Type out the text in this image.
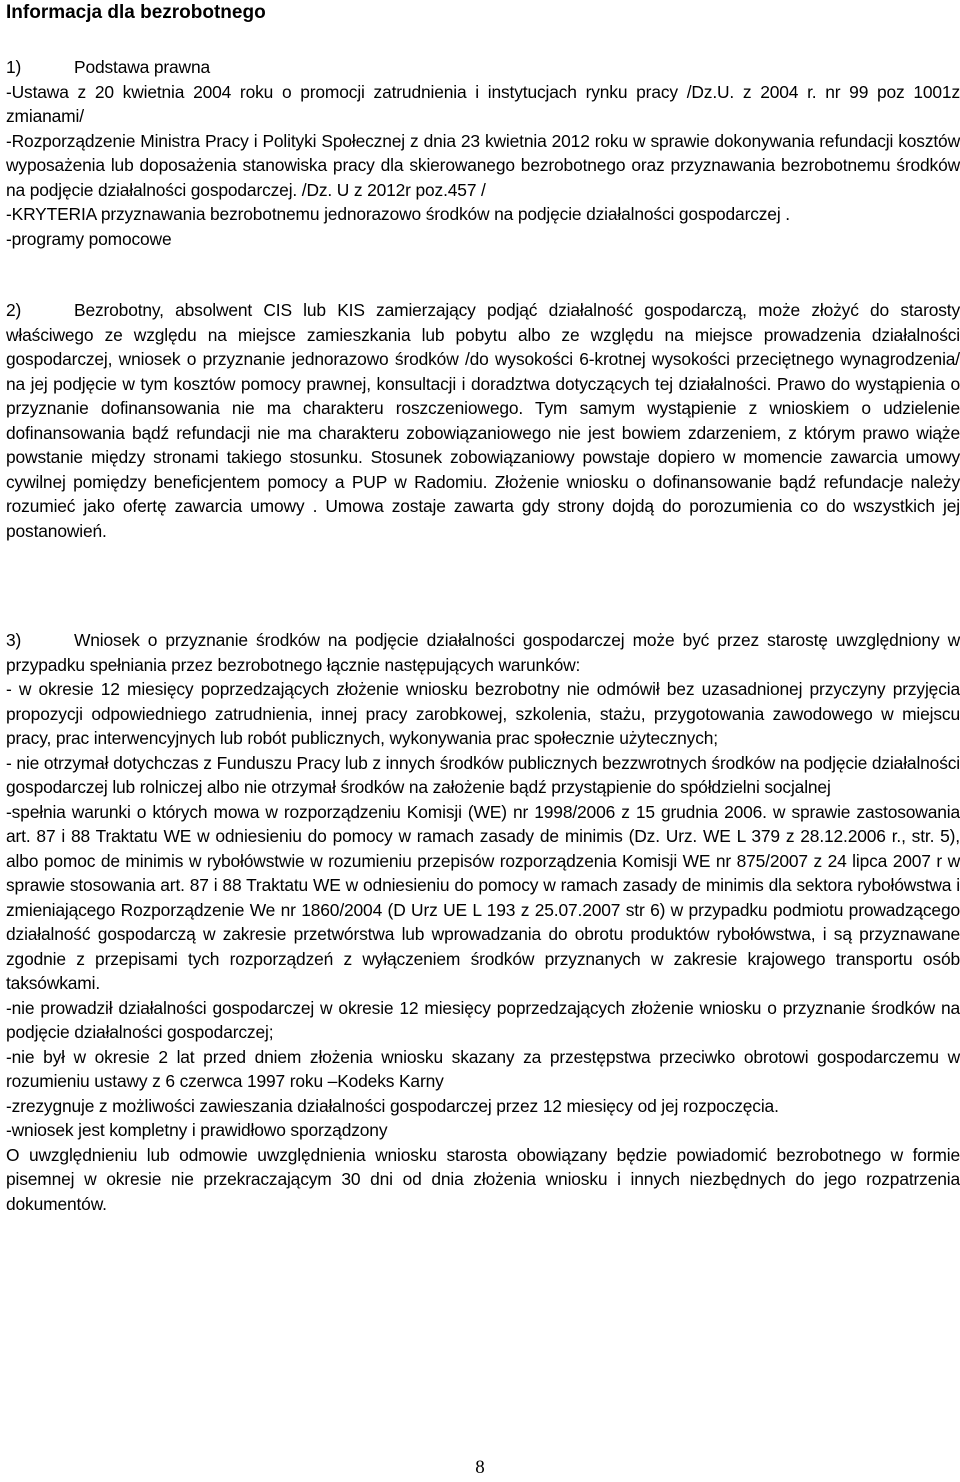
Informacja dla bezrobotnego

1)	Podstawa prawna

-Ustawa z 20 kwietnia 2004 roku o promocji zatrudnienia i instytucjach rynku pracy /Dz.U. z 2004 r. nr 99 poz 1001z zmianami/

-Rozporządzenie Ministra Pracy i Polityki Społecznej z dnia 23 kwietnia 2012 roku w sprawie dokonywania refundacji kosztów wyposażenia lub doposażenia stanowiska pracy dla skierowanego bezrobotnego oraz przyznawania bezrobotnemu środków na podjęcie działalności gospodarczej. /Dz. U z 2012r poz.457 /

-KRYTERIA przyznawania bezrobotnemu jednorazowo środków na podjęcie działalności gospodarczej .

-programy pomocowe

2)	Bezrobotny, absolwent CIS lub KIS zamierzający podjąć działalność gospodarczą, może złożyć do starosty właściwego ze względu na miejsce zamieszkania lub pobytu albo ze względu na miejsce prowadzenia działalności gospodarczej, wniosek o przyznanie jednorazowo środków /do wysokości 6-krotnej wysokości przeciętnego wynagrodzenia/ na jej podjęcie w tym kosztów pomocy prawnej, konsultacji i doradztwa dotyczących tej działalności. Prawo do wystąpienia o przyznanie dofinansowania nie ma charakteru roszczeniowego. Tym samym wystąpienie z wnioskiem o udzielenie dofinansowania bądź refundacji nie ma charakteru zobowiązaniowego nie jest bowiem zdarzeniem, z którym prawo wiąże powstanie między stronami takiego stosunku. Stosunek zobowiązaniowy powstaje dopiero w momencie zawarcia umowy cywilnej pomiędzy beneficjentem pomocy a PUP w Radomiu. Złożenie wniosku o dofinansowanie bądź refundacje należy rozumieć jako ofertę zawarcia umowy . Umowa zostaje zawarta gdy strony dojdą do porozumienia co do wszystkich jej postanowień.

3)	Wniosek o przyznanie środków na podjęcie działalności gospodarczej może być przez starostę uwzględniony w przypadku spełniania przez bezrobotnego łącznie następujących warunków:

- w okresie 12 miesięcy poprzedzających złożenie wniosku bezrobotny nie odmówił bez uzasadnionej przyczyny przyjęcia propozycji odpowiedniego zatrudnienia, innej pracy zarobkowej, szkolenia, stażu, przygotowania zawodowego w miejscu pracy, prac interwencyjnych lub robót publicznych, wykonywania prac społecznie użytecznych;

- nie otrzymał dotychczas z Funduszu Pracy lub z innych środków publicznych bezzwrotnych środków na podjęcie działalności gospodarczej lub rolniczej albo nie otrzymał środków na założenie bądź przystąpienie do spółdzielni socjalnej

-spełnia warunki o których mowa w rozporządzeniu Komisji (WE) nr 1998/2006 z 15 grudnia 2006. w sprawie zastosowania art. 87 i 88 Traktatu WE w odniesieniu do pomocy w ramach zasady de minimis (Dz. Urz. WE L 379 z 28.12.2006 r., str. 5), albo pomoc de minimis w rybołówstwie w rozumieniu przepisów rozporządzenia Komisji WE nr 875/2007 z 24 lipca 2007 r w sprawie stosowania art. 87 i 88 Traktatu WE w odniesieniu do pomocy w ramach zasady de minimis dla sektora rybołówstwa i zmieniającego Rozporządzenie We nr 1860/2004 (D Urz UE L 193 z 25.07.2007 str 6) w przypadku podmiotu prowadzącego działalność gospodarczą w zakresie przetwórstwa lub wprowadzania do obrotu produktów rybołówstwa, i są przyznawane zgodnie z przepisami tych rozporządzeń z wyłączeniem środków przyznanych w zakresie krajowego transportu osób taksówkami.

-nie prowadził działalności gospodarczej w okresie 12 miesięcy poprzedzających złożenie wniosku o przyznanie środków na podjęcie działalności gospodarczej;

-nie był w okresie 2 lat przed dniem złożenia wniosku skazany za przestępstwa przeciwko obrotowi gospodarczemu w rozumieniu ustawy z 6 czerwca 1997 roku –Kodeks Karny

-zrezygnuje z możliwości zawieszania działalności gospodarczej przez 12 miesięcy od jej rozpoczęcia.

-wniosek jest kompletny i prawidłowo sporządzony

O uwzględnieniu lub odmowie uwzględnienia wniosku starosta obowiązany będzie powiadomić bezrobotnego w formie pisemnej w okresie nie przekraczającym 30 dni od dnia złożenia wniosku i innych niezbędnych do jego rozpatrzenia dokumentów.

8
